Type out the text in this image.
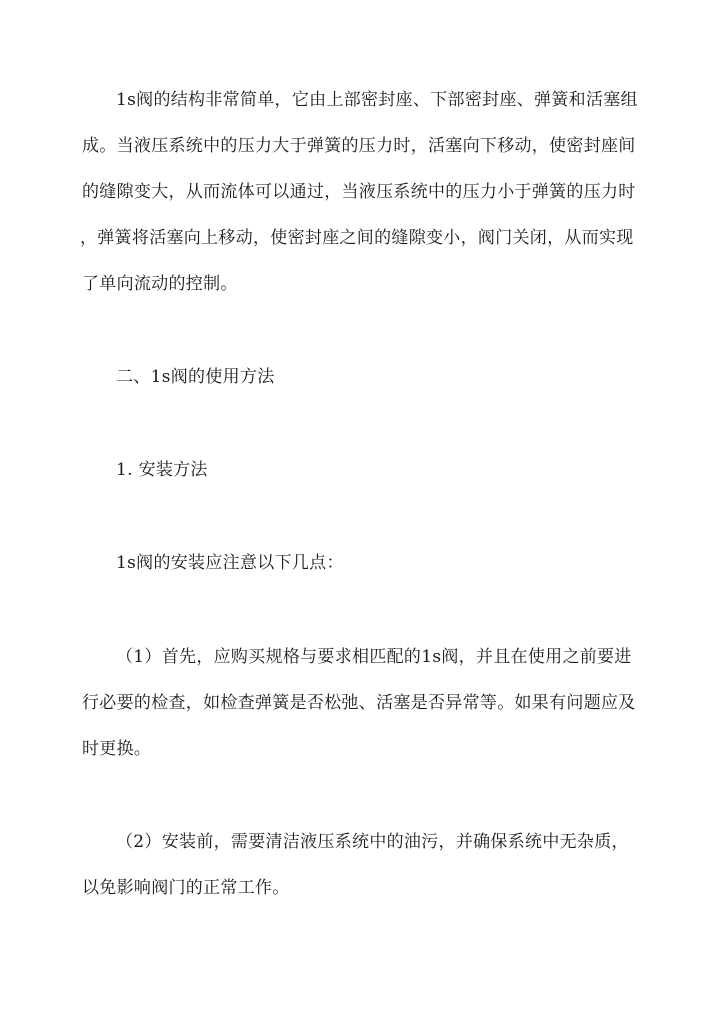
1s阀的结构非常简单，它由上部密封座、下部密封座、弹簧和活塞组
成。当液压系统中的压力大于弹簧的压力时，活塞向下移动，使密封座间
的缝隙变大，从而流体可以通过，当液压系统中的压力小于弹簧的压力时
，弹簧将活塞向上移动，使密封座之间的缝隙变小，阀门关闭，从而实现
了单向流动的控制。
二、1s阀的使用方法
1. 安装方法
1s阀的安装应注意以下几点：
（1）首先，应购买规格与要求相匹配的1s阀，并且在使用之前要进
行必要的检查，如检查弹簧是否松弛、活塞是否异常等。如果有问题应及
时更换。
（2）安装前，需要清洁液压系统中的油污，并确保系统中无杂质，
以免影响阀门的正常工作。
